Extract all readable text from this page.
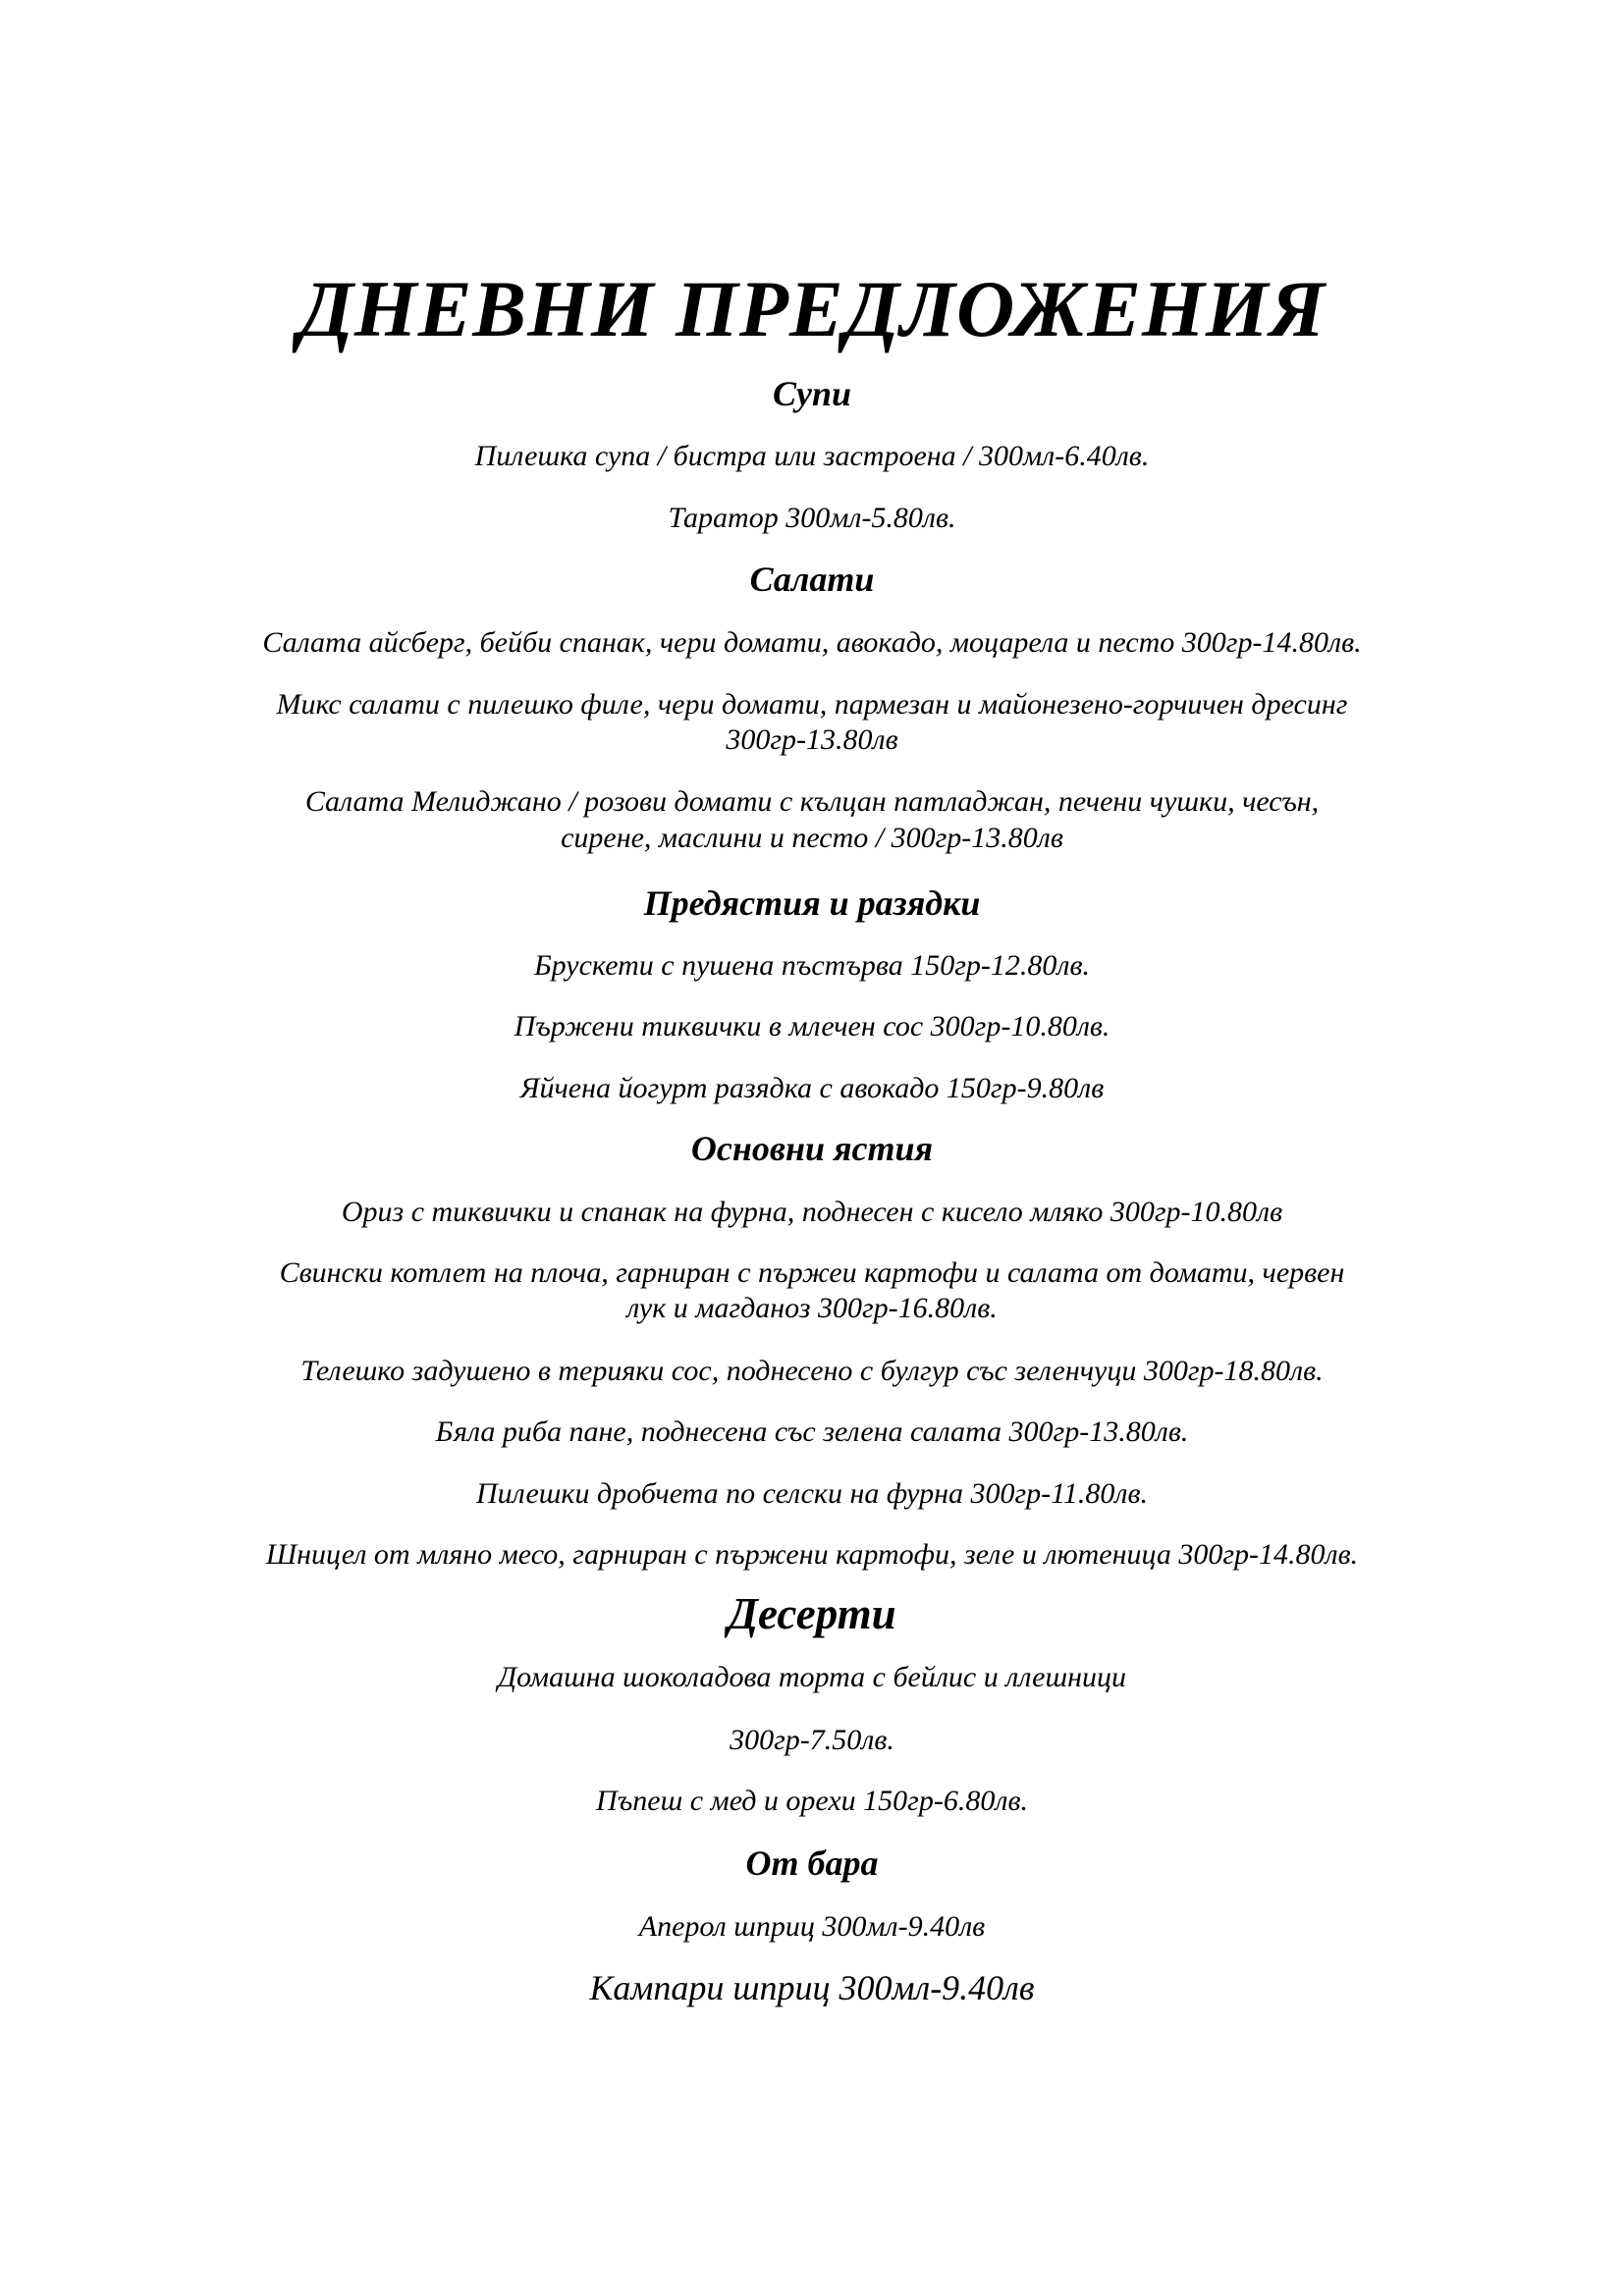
ДНЕВНИ ПРЕДЛОЖЕНИЯ
Супи
Пилешка супа / бистра или застроена / 300мл-6.40лв.
Таратор 300мл-5.80лв.
Салати
Салата айсберг, бейби спанак, чери домати, авокадо, моцарела и песто 300гр-14.80лв.
Микс салати с пилешко филе, чери домати, пармезан и майонезено-горчичен дресинг
300гр-13.80лв
Салата Мелиджано / розови домати с кълцан патладжан, печени чушки, чесън,
сирене, маслини и песто / 300гр-13.80лв
Предястия и разядки
Брускети с пушена пъстърва 150гр-12.80лв.
Пържени тиквички в млечен сос 300гр-10.80лв.
Яйчена йогурт разядка с авокадо 150гр-9.80лв
Основни ястия
Ориз с тиквички и спанак на фурна, поднесен с кисело мляко 300гр-10.80лв
Свински котлет на плоча, гарниран с пържеи картофи и салата от домати, червен
лук и магданоз 300гр-16.80лв.
Телешко задушено в терияки сос, поднесено с булгур със зеленчуци 300гр-18.80лв.
Бяла риба пане, поднесена със зелена салата 300гр-13.80лв.
Пилешки дробчета по селски на фурна 300гр-11.80лв.
Шницел от мляно месо, гарниран с пържени картофи, зеле и лютеница 300гр-14.80лв.
Десерти
Домашна шоколадова торта с бейлис и ллешници
300гр-7.50лв.
Пъпеш с мед и орехи 150гр-6.80лв.
От бара
Аперол шприц 300мл-9.40лв
Кампари шприц 300мл-9.40лв
